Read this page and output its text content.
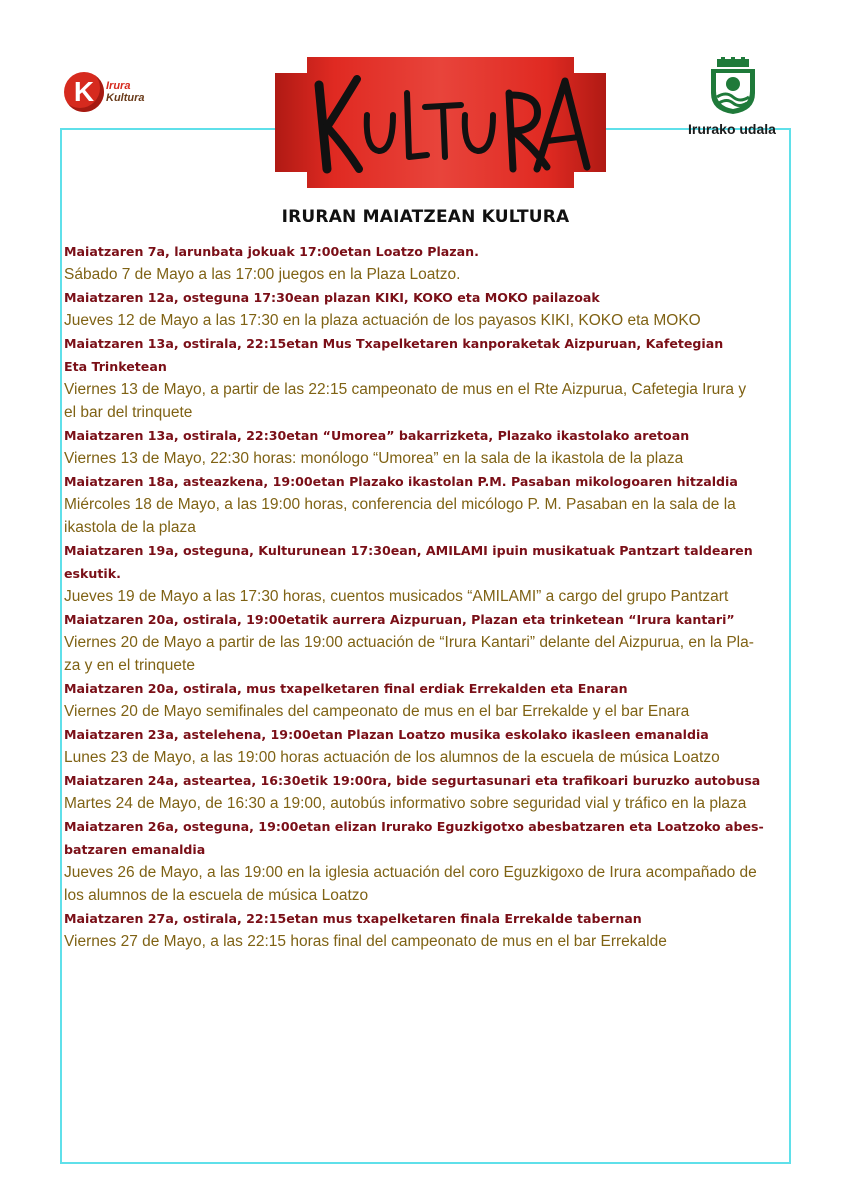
K Irura
Kultura
Irurako udala
IRURAN MAIATZEAN KULTURA

Maiatzaren 7a, larunbata jokuak 17:00etan Loatzo Plazan.

Sábado 7 de Mayo a las 17:00 juegos en la Plaza Loatzo.

Maiatzaren 12a, osteguna 17:30ean plazan KIKI, KOKO eta MOKO pailazoak

Jueves 12 de Mayo a las 17:30 en la plaza actuación de los payasos KIKI, KOKO eta MOKO

Maiatzaren 13a, ostirala, 22:15etan Mus Txapelketaren kanporaketak Aizpuruan, Kafetegian

Eta Trinketean

Viernes 13 de Mayo, a partir de las 22:15 campeonato de mus en el Rte Aizpurua, Cafetegia Irura y

el bar del trinquete

Maiatzaren 13a, ostirala, 22:30etan “Umorea” bakarrizketa, Plazako ikastolako aretoan

Viernes 13 de Mayo, 22:30 horas: monólogo “Umorea” en la sala de la ikastola de la plaza

Maiatzaren 18a, asteazkena, 19:00etan Plazako ikastolan P.M. Pasaban mikologoaren hitzaldia

Miércoles 18 de Mayo, a las 19:00 horas, conferencia del micólogo P. M. Pasaban en la sala de la

ikastola de la plaza

Maiatzaren 19a, osteguna, Kulturunean 17:30ean, AMILAMI ipuin musikatuak Pantzart taldearen

eskutik.

Jueves 19 de Mayo a las 17:30 horas, cuentos musicados “AMILAMI” a cargo del grupo Pantzart

Maiatzaren 20a, ostirala, 19:00etatik aurrera Aizpuruan, Plazan eta trinketean “Irura kantari”

Viernes 20 de Mayo a partir de las 19:00 actuación de “Irura Kantari” delante del Aizpurua, en la Pla-

za y en el trinquete

Maiatzaren 20a, ostirala, mus txapelketaren final erdiak Errekalden eta Enaran

Viernes 20 de Mayo semifinales del campeonato de mus en el bar Errekalde y el bar Enara

Maiatzaren 23a, astelehena, 19:00etan Plazan Loatzo musika eskolako ikasleen emanaldia

Lunes 23 de Mayo, a las 19:00 horas actuación de los alumnos de la escuela de música Loatzo

Maiatzaren 24a, asteartea, 16:30etik 19:00ra, bide segurtasunari eta trafikoari buruzko autobusa

Martes 24 de Mayo, de 16:30 a 19:00, autobús informativo sobre seguridad vial y tráfico en la plaza

Maiatzaren 26a, osteguna, 19:00etan elizan Irurako Eguzkigotxo abesbatzaren eta Loatzoko abes-

batzaren emanaldia

Jueves 26 de Mayo, a las 19:00 en la iglesia actuación del coro Eguzkigoxo de Irura acompañado de

los alumnos de la escuela de música Loatzo

Maiatzaren 27a, ostirala, 22:15etan mus txapelketaren finala Errekalde tabernan

Viernes 27 de Mayo, a las 22:15 horas final del campeonato de mus en el bar Errekalde
